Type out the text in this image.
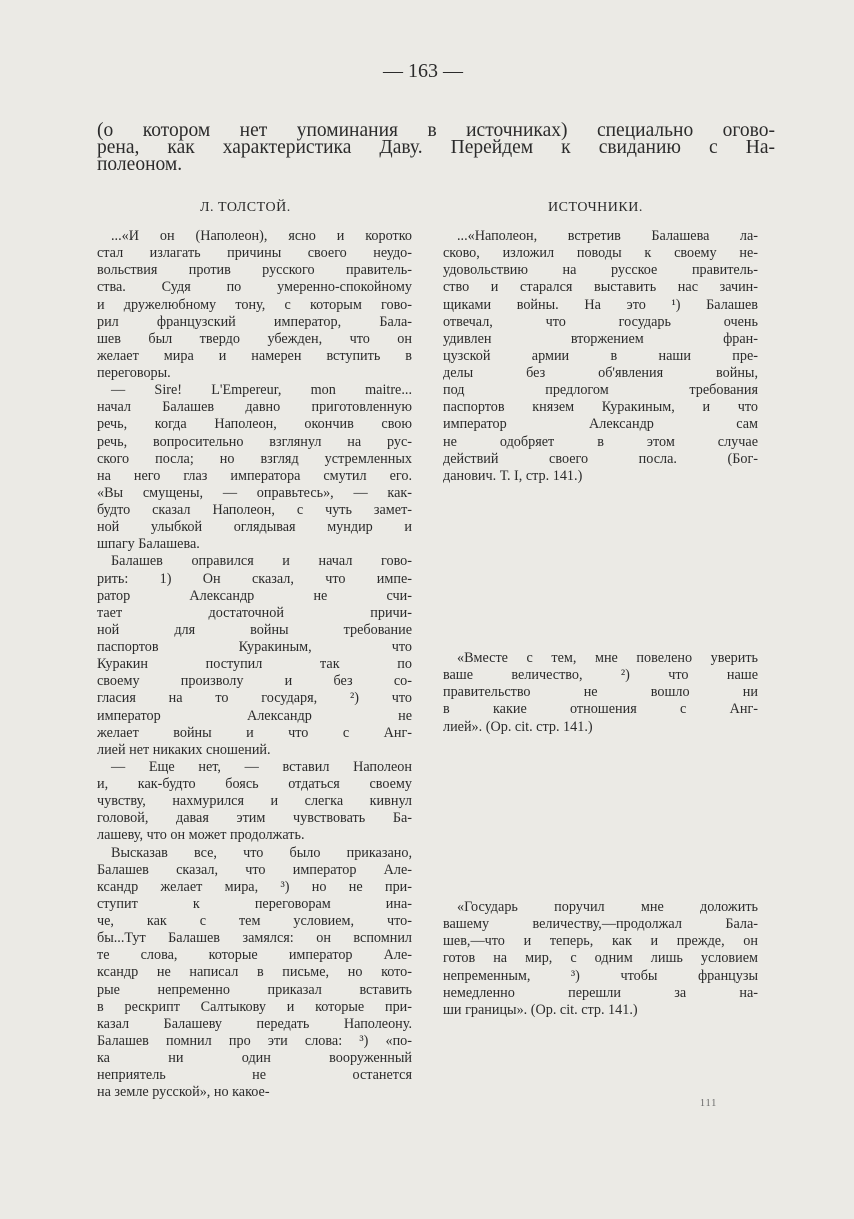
— 163 —
(о котором нет упоминания в источниках) специально огово-
рена, как характеристика Даву. Перейдем к свиданию с На-
полеоном.
Л. ТОЛСТОЙ.	ИСТОЧНИКИ.
...«И он (Наполеон), ясно и коротко
стал излагать причины своего неудо-
вольствия против русского правитель-
ства. Судя по умеренно-спокойному
и дружелюбному тону, с которым гово-
рил французский император, Бала-
шев был твердо убежден, что он
желает мира и намерен вступить в
переговоры.
— Sire! L'Empereur, mon maitre...
начал Балашев давно приготовленную
речь, когда Наполеон, окончив свою
речь, вопросительно взглянул на рус-
ского посла; но взгляд устремленных
на него глаз императора смутил его.
«Вы смущены, — оправьтесь», — как-
будто сказал Наполеон, с чуть замет-
ной улыбкой оглядывая мундир и
шпагу Балашева.
Балашев оправился и начал гово-
рить: 1) Он сказал, что импе-
ратор Александр не счи-
тает достаточной причи-
ной для войны требование
паспортов Куракиным, что
Куракин поступил так по
своему произволу и без со-
гласия на то государя, ²) что
император Александр не
желает войны и что с Анг-
лией нет никаких сношений.
— Еще нет, — вставил Наполеон
и, как-будто боясь отдаться своему
чувству, нахмурился и слегка кивнул
головой, давая этим чувствовать Ба-
лашеву, что он может продолжать.
Высказав все, что было приказано,
Балашев сказал, что император Але-
ксандр желает мира, ³) но не при-
ступит к переговорам ина-
че, как с тем условием, что-
бы...Тут Балашев замялся: он вспомнил
те слова, которые император Але-
ксандр не написал в письме, но кото-
рые непременно приказал вставить
в рескрипт Салтыкову и которые при-
казал Балашеву передать Наполеону.
Балашев помнил про эти слова: ³) «по-
ка ни один вооруженный
неприятель не останется
на земле русской», но какое-
...«Наполеон, встретив Балашева ла-
сково, изложил поводы к своему не-
удовольствию на русское правитель-
ство и старался выставить нас зачин-
щиками войны. На это ¹) Балашев
отвечал, что государь очень
удивлен вторжением фран-
цузской армии в наши пре-
делы без об'явления войны,
под предлогом требования
паспортов князем Куракиным, и что
император Александр сам
не одобряет в этом случае
действий своего посла. (Бог-
данович. Т. I, стр. 141.)
«Вместе с тем, мне повелено уверить
ваше величество, ²) что наше
правительство не вошло ни
в какие отношения с Анг-
лией». (Op. cit. стр. 141.)
«Государь поручил мне доложить
вашему величеству,—продолжал Бала-
шев,—что и теперь, как и прежде, он
готов на мир, с одним лишь условием
непременным, ³) чтобы французы
немедленно перешли за на-
ши границы». (Op. cit. стр. 141.)
111
